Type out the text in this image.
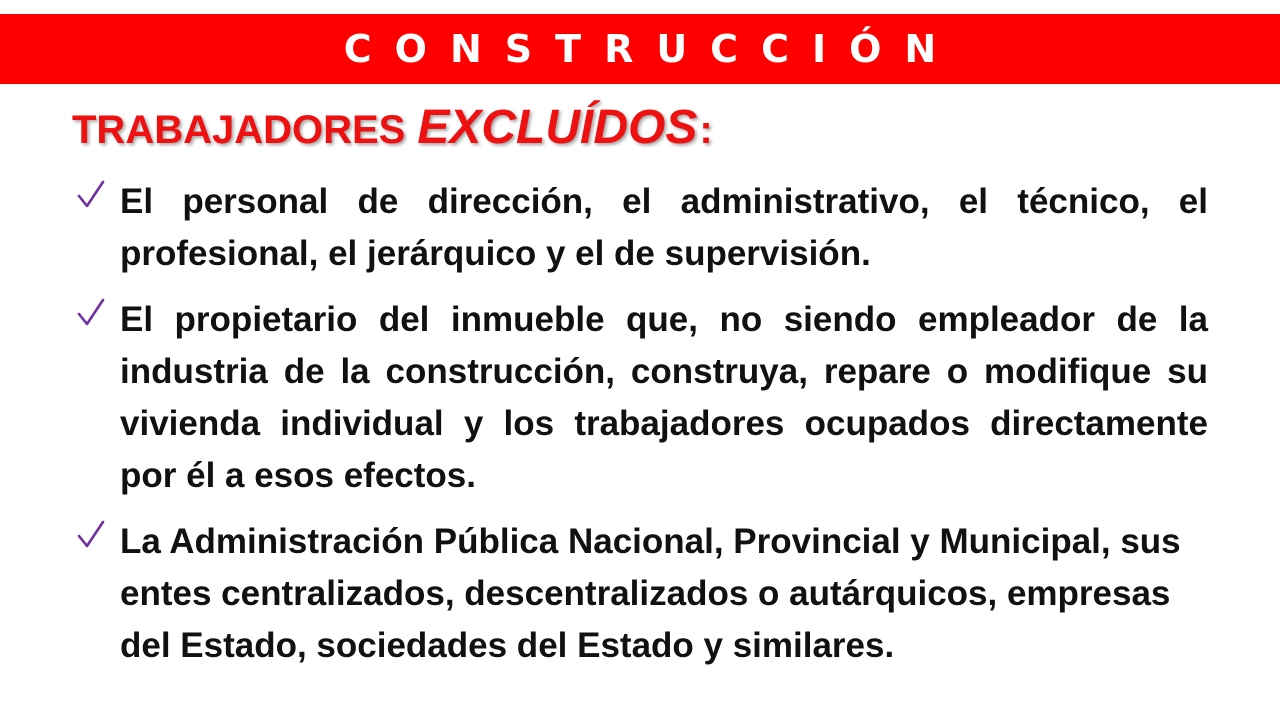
CONSTRUCCIÓN
TRABAJADORES EXCLUÍDOS :

El personal de dirección, el administrativo, el técnico, el profesional, el jerárquico y el de supervisión.

El propietario del inmueble que, no siendo empleador de la industria de la construcción, construya, repare o modifique su vivienda individual y los trabajadores ocupados directamente por él a esos efectos.

La Administración Pública Nacional, Provincial y Municipal, sus entes centralizados, descentralizados o autárquicos, empresas del Estado, sociedades del Estado y similares.
